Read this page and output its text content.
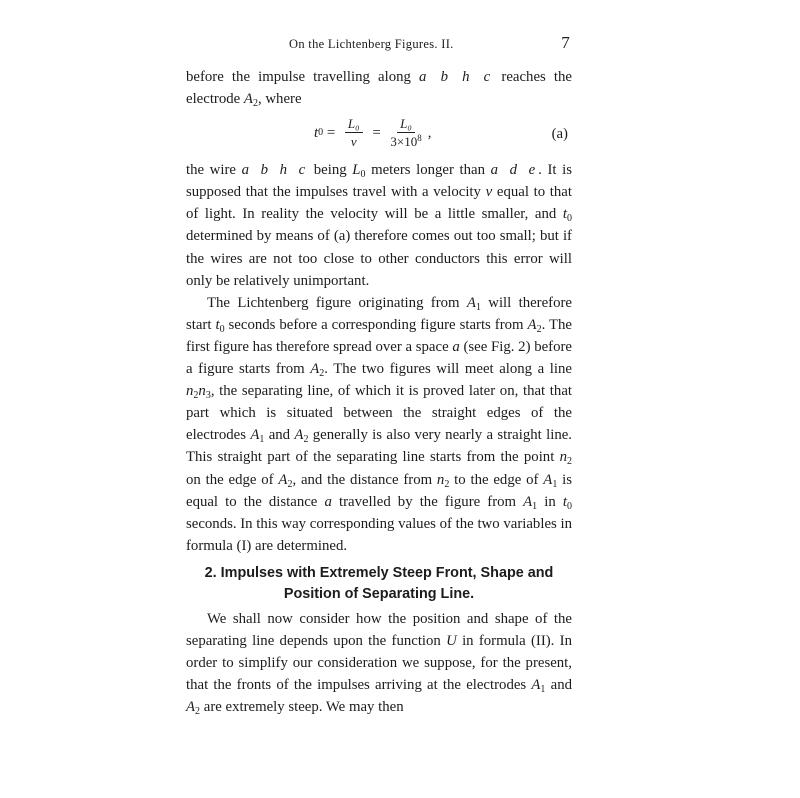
On the Lichtenberg Figures. II.	7

before the impulse travelling along a b h c reaches the electrode $A_2$, where

t $0 = \frac{\text{L₀}}{v} = \frac{\text{L₀}}{3\times 10^8}$ ,	(a)

the wire a b h c being $L_0$ meters longer than a d e. It is supposed that the impulses travel with a velocity v equal to that of light. In reality the velocity will be a little smaller, and $t_0$ determined by means of (a) therefore comes out too small; but if the wires are not too close to other conductors this error will only be relatively unimportant.

The Lichtenberg figure originating from $A_1$ will therefore start $t_0$ seconds before a corresponding figure starts from $A_2$. The first figure has therefore spread over a space a (see Fig. 2) before a figure starts from $A_2$. The two figures will meet along a line $n_2n_3$, the separating line, of which it is proved later on, that that part which is situated between the straight edges of the electrodes $A_1$ and $A_2$ generally is also very nearly a straight line. This straight part of the separating line starts from the point $n_2$ on the edge of $A_2$, and the distance from $n_2$ to the edge of $A_1$ is equal to the distance a travelled by the figure from $A_1$ in $t_0$ seconds. In this way corresponding values of the two variables in formula (I) are determined.

2. Impulses with Extremely Steep Front, Shape and
Position of Separating Line.

We shall now consider how the position and shape of the separating line depends upon the function U in formula (II). In order to simplify our consideration we suppose, for the present, that the fronts of the impulses arriving at the electrodes $A_1$ and $A_2$ are extremely steep. We may then
